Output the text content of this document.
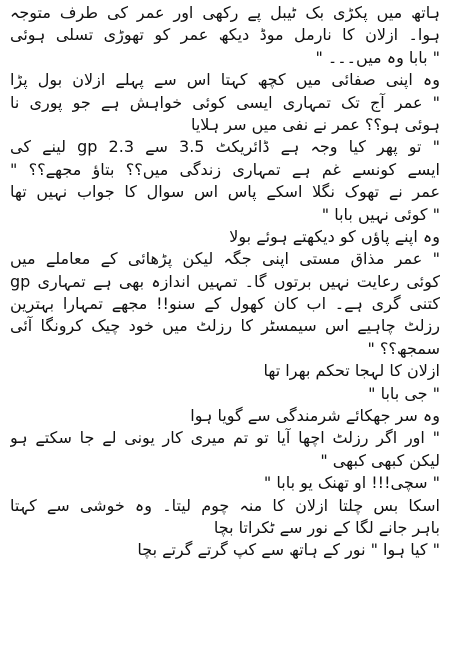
ہاتھ میں پکڑی بک ٹیبل پے رکھی اور عمر کی طرف متوجہ
ہوا۔ ازلان کا نارمل موڈ دیکھ عمر کو تھوڑی تسلی ہوئی
" بابا وہ میں۔۔۔ "
وہ اپنی صفائی میں کچھ کہتا اس سے پہلے ازلان بول پڑا
" عمر آج تک تمہاری ایسی کوئی خواہش ہے جو پوری نا
ہوئی ہو؟؟ عمر نے نفی میں سر ہلایا
" تو پھر کیا وجہ ہے ڈائریکٹ 3.5 سے 2.3 gp لینے کی
ایسے کونسے غم ہے تمہاری زندگی میں؟؟ بتاؤ مجھے؟؟ "
عمر نے تھوک نگلا اسکے پاس اس سوال کا جواب نہیں تھا
" کوئی نہیں بابا "
وہ اپنے پاؤں کو دیکھتے ہوئے بولا
" عمر مذاق مستی اپنی جگہ لیکن پڑھائی کے معاملے میں
کوئی رعایت نہیں برتوں گا۔ تمہیں اندازہ بھی ہے تمہاری gp
کتنی گری ہے۔ اب کان کھول کے سنو!! مجھے تمہارا بہترین
رزلٹ چاہیے اس سیمسٹر کا رزلٹ میں خود چیک کرونگا آئی
سمجھ؟؟ "
ازلان کا لہجا تحکم بھرا تھا
" جی بابا "
وہ سر جھکائے شرمندگی سے گویا ہوا
" اور اگر رزلٹ اچھا آیا تو تم میری کار یونی لے جا سکتے ہو
لیکن کبھی کبھی "
" سچی!!! او تھنک یو بابا "
اسکا بس چلتا ازلان کا منہ چوم لیتا۔ وہ خوشی سے کہتا
باہر جانے لگا کے نور سے ٹکراتا بچا
" کیا ہوا " نور کے ہاتھ سے کپ گرتے گرتے بچا
